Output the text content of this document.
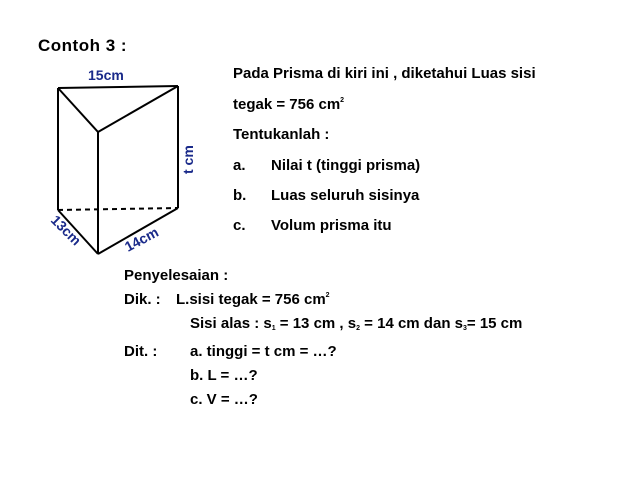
Contoh 3 :
15cm
t cm
13cm	14cm
Pada Prisma di kiri ini , diketahui Luas sisi
tegak = 756 $cm^2$
Tentukanlah :
a. Nilai t (tinggi prisma)
b. Luas seluruh sisinya
c. Volum prisma itu
Penyelesaian :
Dik. : L.sisi tegak = 756 $cm^2$
Sisi alas : $s_1 = 13$ cm , $s_2 = 14$ cm dan $s_3= 15$ cm
Dit. : a. tinggi = t cm = …?
b. L = …?
c. V = …?
